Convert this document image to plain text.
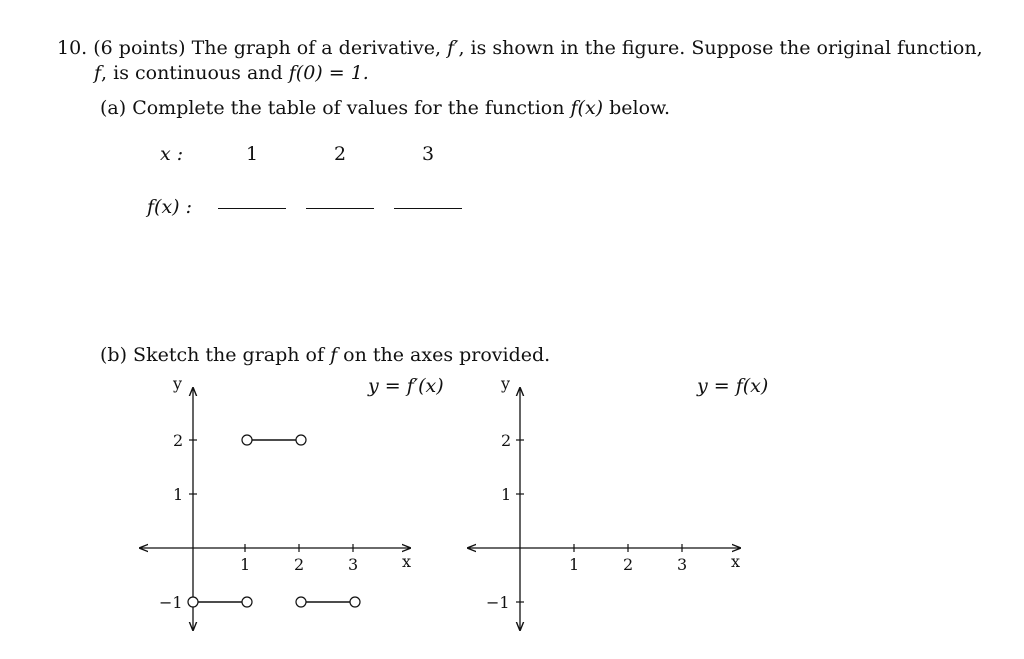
10. (6 points) The graph of a derivative, f′, is shown in the figure. Suppose the original function,
f, is continuous and f(0) = 1.
(a) Complete the table of values for the function f(x) below.
x :	1	2	3
f(x) :
(b) Sketch the graph of f on the axes provided.
y
x
y = f′(x)
1	2	3
2
1
−1
y
x
y = f(x)
1	2	3
2
1
−1
